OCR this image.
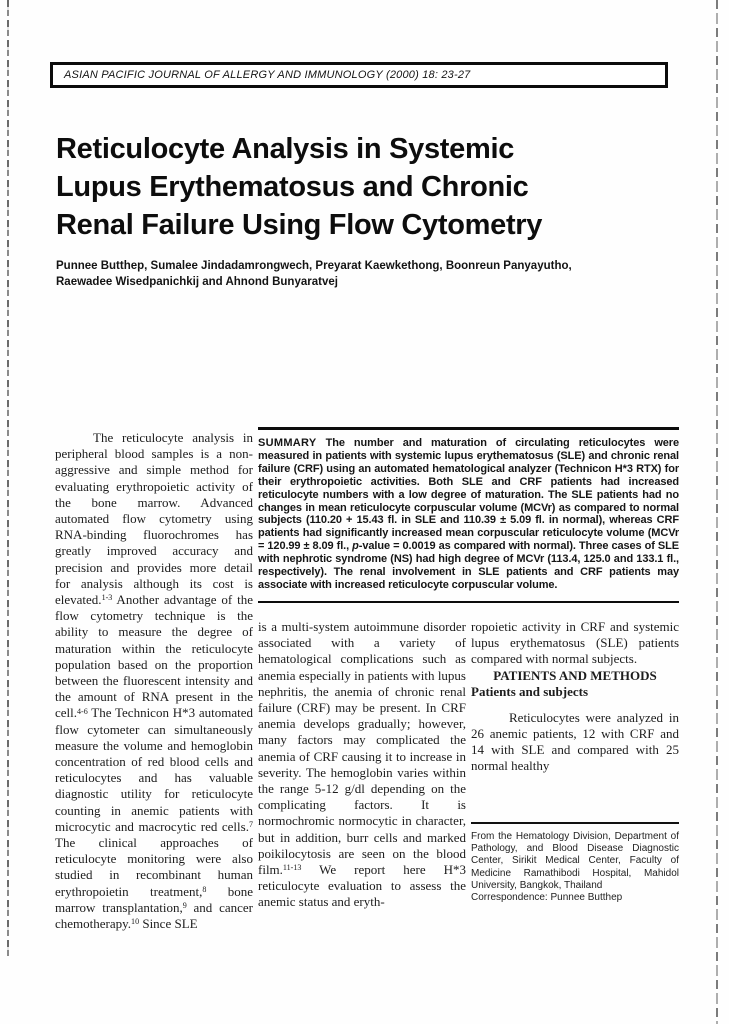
ASIAN PACIFIC JOURNAL OF ALLERGY AND IMMUNOLOGY (2000) 18: 23-27
Reticulocyte Analysis in Systemic
Lupus Erythematosus and Chronic
Renal Failure Using Flow Cytometry
Punnee Butthep, Sumalee Jindadamrongwech, Preyarat Kaewkethong, Boonreun Panyayutho,
Raewadee Wisedpanichkij and Ahnond Bunyaratvej
SUMMARY The number and maturation of circulating reticulocytes were measured in patients with systemic lupus erythematosus (SLE) and chronic renal failure (CRF) using an automated hematological analyzer (Technicon H*3 RTX) for their erythropoietic activities. Both SLE and CRF patients had increased reticulocyte numbers with a low degree of maturation. The SLE patients had no changes in mean reticulocyte corpuscular volume (MCVr) as compared to normal subjects (110.20 + 15.43 fl. in SLE and 110.39 ± 5.09 fl. in normal), whereas CRF patients had significantly increased mean corpuscular reticulocyte volume (MCVr = 120.99 ± 8.09 fl., p-value = 0.0019 as compared with normal). Three cases of SLE with nephrotic syndrome (NS) had high degree of MCVr (113.4, 125.0 and 133.1 fl., respectively). The renal involvement in SLE patients and CRF patients may associate with increased reticulocyte corpuscular volume.

The reticulocyte analysis in peripheral blood samples is a non-aggressive and simple method for evaluating erythropoietic activity of the bone marrow. Advanced automated flow cytometry using RNA-binding fluorochromes has greatly improved accuracy and precision and provides more detail for analysis although its cost is elevated.$^{1-3}$ Another advantage of the flow cytometry technique is the ability to measure the degree of maturation within the reticulocyte population based on the proportion between the fluorescent intensity and the amount of RNA present in the cell.$^{4-6}$ The Technicon H*3 automated flow cytometer can simultaneously measure the volume and hemoglobin concentration of red blood cells and reticulocytes and has valuable diagnostic utility for reticulocyte counting in anemic patients with microcytic and macrocytic red cells.$^7$ The clinical approaches of reticulocyte monitoring were also studied in recombinant human erythropoietin treatment,$^8$ bone marrow transplantation,$^9$ and cancer chemotherapy.$^{10}$ Since SLE

is a multi-system autoimmune disorder associated with a variety of hematological complications such as anemia especially in patients with lupus nephritis, the anemia of chronic renal failure (CRF) may be present. In CRF anemia develops gradually; however, many factors may complicated the anemia of CRF causing it to increase in severity. The hemoglobin varies within the range 5-12 g/dl depending on the complicating factors. It is normochromic normocytic in character, but in addition, burr cells and marked poikilocytosis are seen on the blood film.$^{11-13}$ We report here H*3 reticulocyte evaluation to assess the anemic status and eryth-

ropoietic activity in CRF and systemic lupus erythematosus (SLE) patients compared with normal subjects.

PATIENTS AND METHODS

Patients and subjects

Reticulocytes were analyzed in 26 anemic patients, 12 with CRF and 14 with SLE and compared with 25 normal healthy

From the Hematology Division, Department of Pathology, and Blood Disease Diagnostic Center, Sirikit Medical Center, Faculty of Medicine Ramathibodi Hospital, Mahidol University, Bangkok, Thailand
Correspondence: Punnee Butthep
